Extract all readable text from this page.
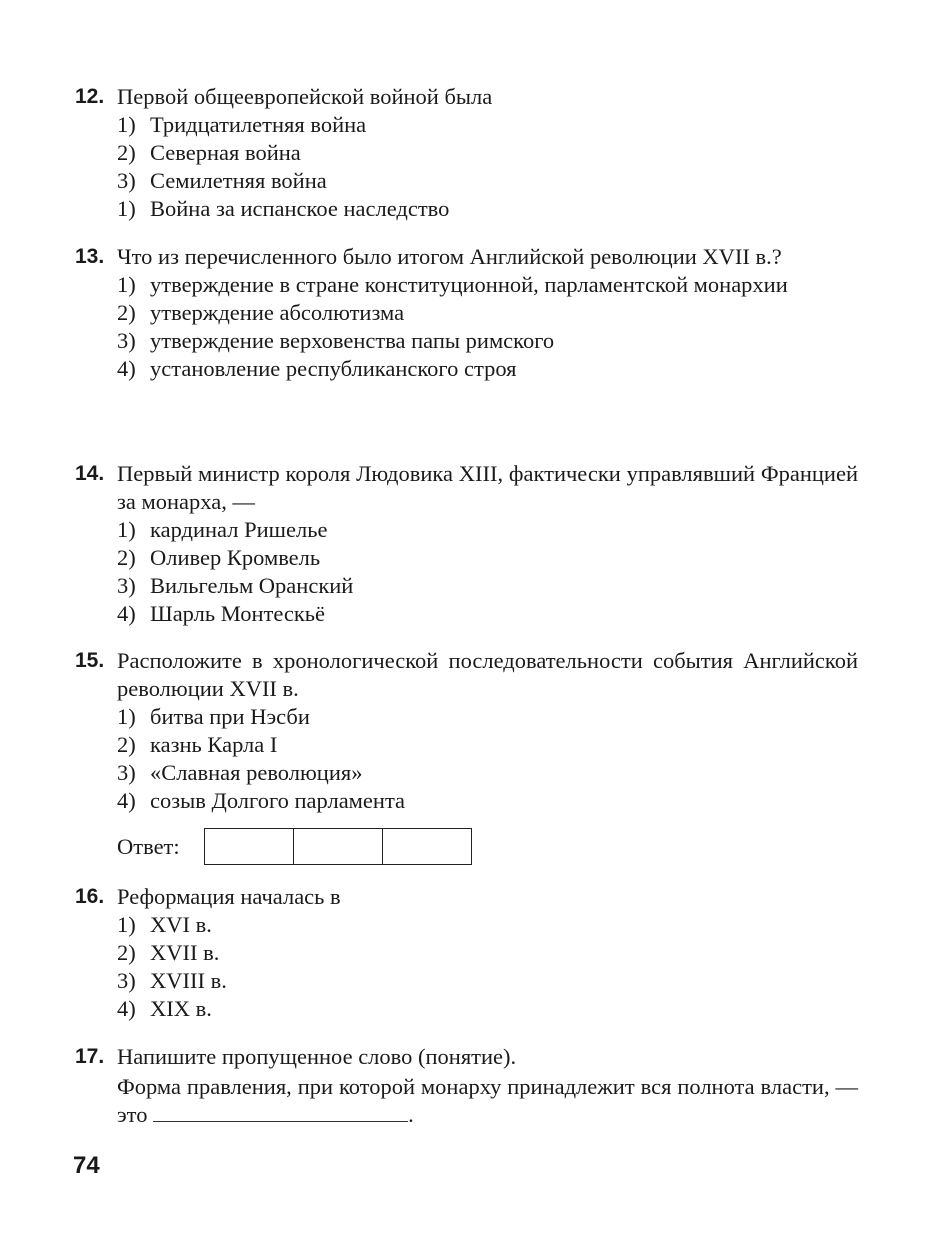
12. Первой общеевропейской войной была
1) Тридцатилетняя война
2) Северная война
3) Семилетняя война
1) Война за испанское наследство
13. Что из перечисленного было итогом Английской революции XVII в.?
1) утверждение в стране конституционной, парламентской монархии
2) утверждение абсолютизма
3) утверждение верховенства папы римского
4) установление республиканского строя
14. Первый министр короля Людовика XIII, фактически управлявший Францией за монарха, —
1) кардинал Ришелье
2) Оливер Кромвель
3) Вильгельм Оранский
4) Шарль Монтескьё
15. Расположите в хронологической последовательности события Английской революции XVII в.
1) битва при Нэсби
2) казнь Карла I
3) «Славная революция»
4) созыв Долгого парламента
16. Реформация началась в
1) XVI в.
2) XVII в.
3) XVIII в.
4) XIX в.
17. Напишите пропущенное слово (понятие).
Ответ:
Форма правления, при которой монарху принадлежит вся полнота власти, — это	.
74
